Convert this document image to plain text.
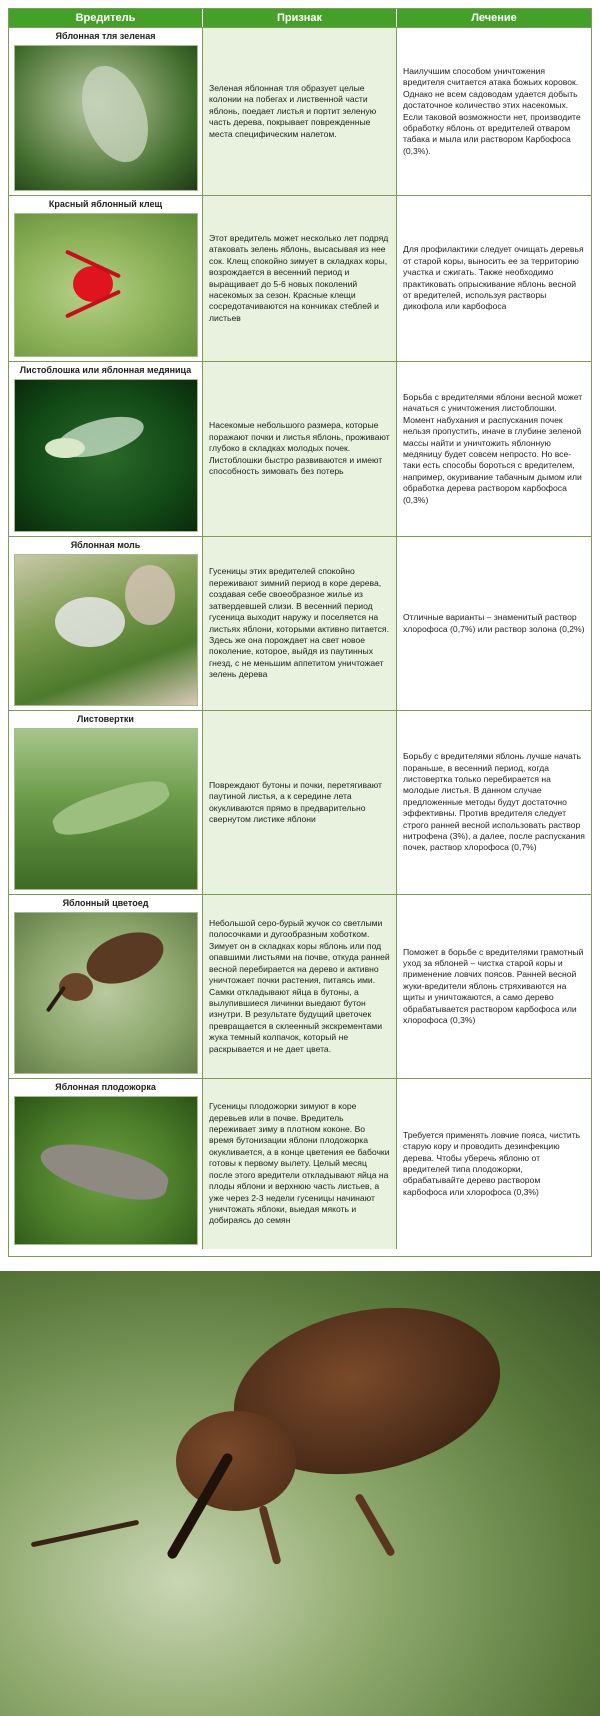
Вредитель	Признак	Лечение
Яблонная тля зеленая
Зеленая яблонная тля образует целые колонии на побегах и лиственной части яблонь, поедает листья и портит зеленую часть дерева, покрывает поврежденные места специфическим налетом.
Наилучшим способом уничтожения вредителя считается атака божьих коровок. Однако не всем садоводам удается добыть достаточное количество этих насекомых. Если таковой возможности нет, производите обработку яблонь от вредителей отваром табака и мыла или раствором Карбофоса (0,3%).
Красный яблонный клещ
Этот вредитель может несколько лет подряд атаковать зелень яблонь, высасывая из нее сок. Клещ спокойно зимует в складках коры, возрождается в весенний период и выращивает до 5-6 новых поколений насекомых за сезон. Красные клещи сосредотачиваются на кончиках стеблей и листьев
Для профилактики следует очищать деревья от старой коры, выносить ее за территорию участка и сжигать. Также необходимо практиковать опрыскивание яблонь весной от вредителей, используя растворы дикофола или карбофоса
Листоблошка или яблонная медяница
Насекомые небольшого размера, которые поражают почки и листья яблонь, проживают глубоко в складках молодых почек. Листоблошки быстро развиваются и имеют способность зимовать без потерь
Борьба с вредителями яблони весной может начаться с уничтожения листоблошки. Момент набухания и распускания почек нельзя пропустить, иначе в глубине зеленой массы найти и уничтожить яблонную медяницу будет совсем непросто. Но все-таки есть способы бороться с вредителем, например, окуривание табачным дымом или обработка дерева раствором карбофоса (0,3%)
Яблонная моль
Гусеницы этих вредителей спокойно переживают зимний период в коре дерева, создавая себе своеобразное жилье из затвердевшей слизи. В весенний период гусеница выходит наружу и поселяется на листьях яблони, которыми активно питается. Здесь же она порождает на свет новое поколение, которое, выйдя из паутинных гнезд, с не меньшим аппетитом уничтожает зелень дерева
Отличные варианты – знаменитый раствор хлорофоса (0,7%) или раствор золона (0,2%)
Листовертки
Повреждают бутоны и почки, перетягивают паутиной листья, а к середине лета окукливаются прямо в предварительно свернутом листике яблони
Борьбу с вредителями яблонь лучше начать пораньше, в весенний период, когда листовертка только перебирается на молодые листья. В данном случае предложенные методы будут достаточно эффективны. Против вредителя следует строго ранней весной использовать раствор нитрофена (3%), а далее, после распускания почек, раствор хлорофоса (0,7%)
Яблонный цветоед
Небольшой серо-бурый жучок со светлыми полосочками и дугообразным хоботком. Зимует он в складках коры яблонь или под опавшими листьями на почве, откуда ранней весной перебирается на дерево и активно уничтожает почки растения, питаясь ими. Самки откладывают яйца в бутоны, а вылупившиеся личинки выедают бутон изнутри. В результате будущий цветочек превращается в склеенный экскрементами жука темный колпачок, который не раскрывается и не дает цвета.
Поможет в борьбе с вредителями грамотный уход за яблоней – чистка старой коры и применение ловчих поясов. Ранней весной жуки-вредители яблонь стряхиваются на щиты и уничтожаются, а само дерево обрабатывается раствором карбофоса или хлорофоса (0,3%)
Яблонная плодожорка
Гусеницы плодожорки зимуют в коре деревьев или в почве. Вредитель переживает зиму в плотном коконе. Во время бутонизации яблони плодожорка окукливается, а в конце цветения ее бабочки готовы к первому вылету. Целый месяц после этого вредители откладывают яйца на плоды яблони и верхнюю часть листьев, а уже через 2-3 недели гусеницы начинают уничтожать яблоки, выедая мякоть и добираясь до семян
Требуется применять ловчие пояса, чистить старую кору и проводить дезинфекцию дерева. Чтобы уберечь яблоню от вредителей типа плодожорки, обрабатывайте дерево раствором карбофоса или хлорофоса (0,3%)
